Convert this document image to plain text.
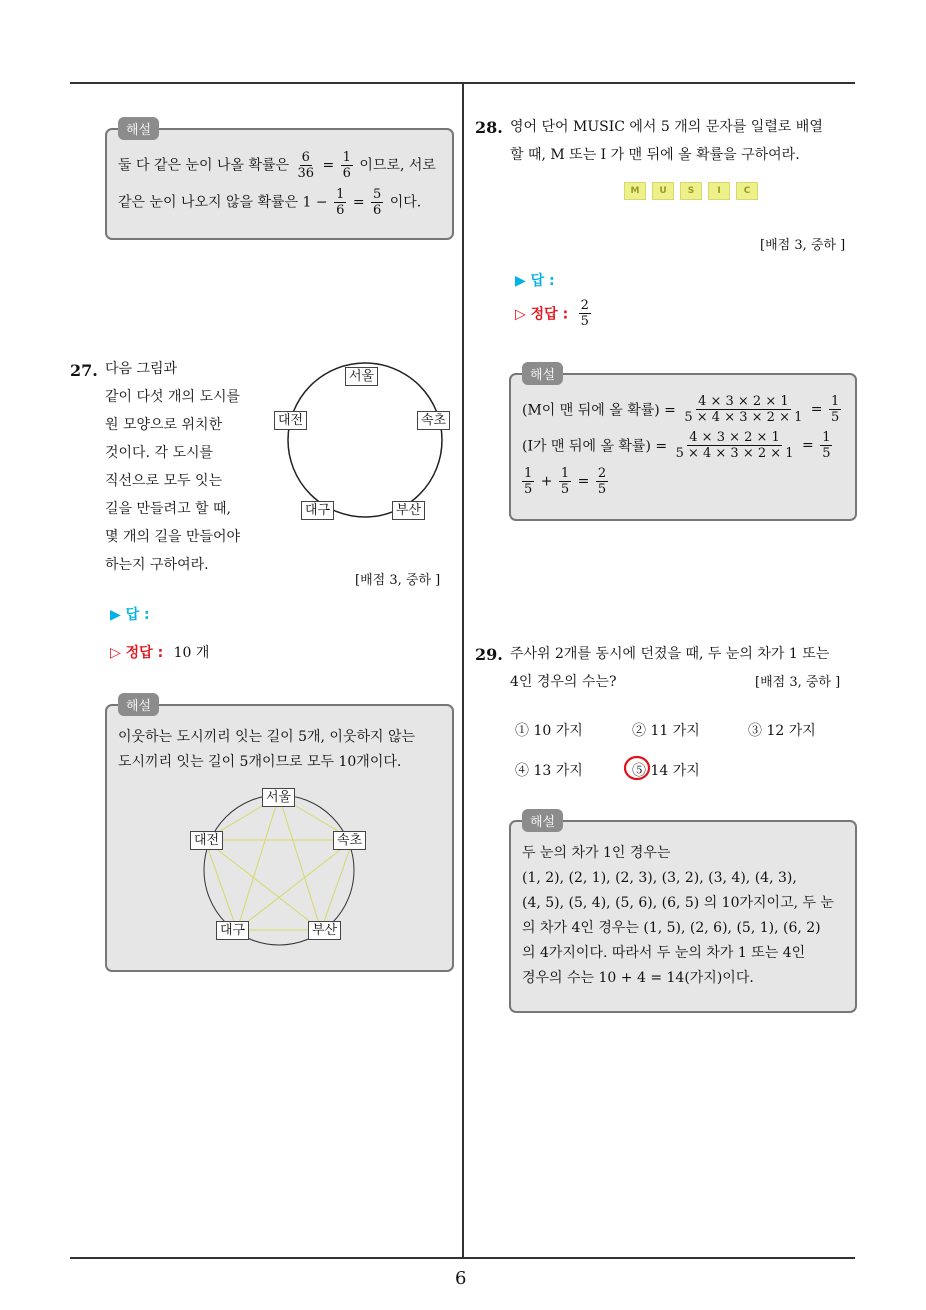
6
해설
둘 다 같은 눈이 나올 확률은 $\frac{6}{36} = \frac{1}{6}$ 이므로, 서로
같은 눈이 나오지 않을 확률은 $1 - \frac{1}{6} = \frac{5}{6}$ 이다.
27. 다음 그림과
같이 다섯 개의 도시를
원 모양으로 위치한
것이다. 각 도시를
직선으로 모두 잇는
길을 만들려고 할 때,
몇 개의 길을 만들어야
하는지 구하여라.
서울
대전	속초
대구	부산
[배점 3, 중하 ]
▶ 답 :
▷ 정답 : 10 개
해설
이웃하는 도시끼리 잇는 길이 5개, 이웃하지 않는
도시끼리 잇는 길이 5개이므로 모두 10개이다.
서울
대전	속초
대구	부산
28. 영어 단어 MUSIC 에서 5 개의 문자를 일렬로 배열
할 때, M 또는 I 가 맨 뒤에 올 확률을 구하여라.
M	U	S	I	C
[배점 3, 중하 ]
▶ 답 :
▷ 정답 : $\frac{2}{5}$
해설
(M이 맨 뒤에 올 확률) = $\frac{4 \times 3 \times 2 \times 1}{5 \times 4 \times 3 \times 2 \times 1} = \frac{1}{5}$
(I가 맨 뒤에 올 확률) = $\frac{4 \times 3 \times 2 \times 1}{5 \times 4 \times 3 \times 2 \times 1} = \frac{1}{5}$
$\frac{1}{5} + \frac{1}{5} = \frac{2}{5}$
29. 주사위 2개를 동시에 던졌을 때, 두 눈의 차가 1 또는
4인 경우의 수는?	[배점 3, 중하 ]
① 10 가지	② 11 가지	③ 12 가지
④ 13 가지	⑤ 14 가지
해설
두 눈의 차가 1인 경우는
(1, 2), (2, 1), (2, 3), (3, 2), (3, 4), (4, 3),
(4, 5), (5, 4), (5, 6), (6, 5) 의 10가지이고, 두 눈
의 차가 4인 경우는 (1, 5), (2, 6), (5, 1), (6, 2)
의 4가지이다. 따라서 두 눈의 차가 1 또는 4인
경우의 수는 10 + 4 = 14(가지)이다.
